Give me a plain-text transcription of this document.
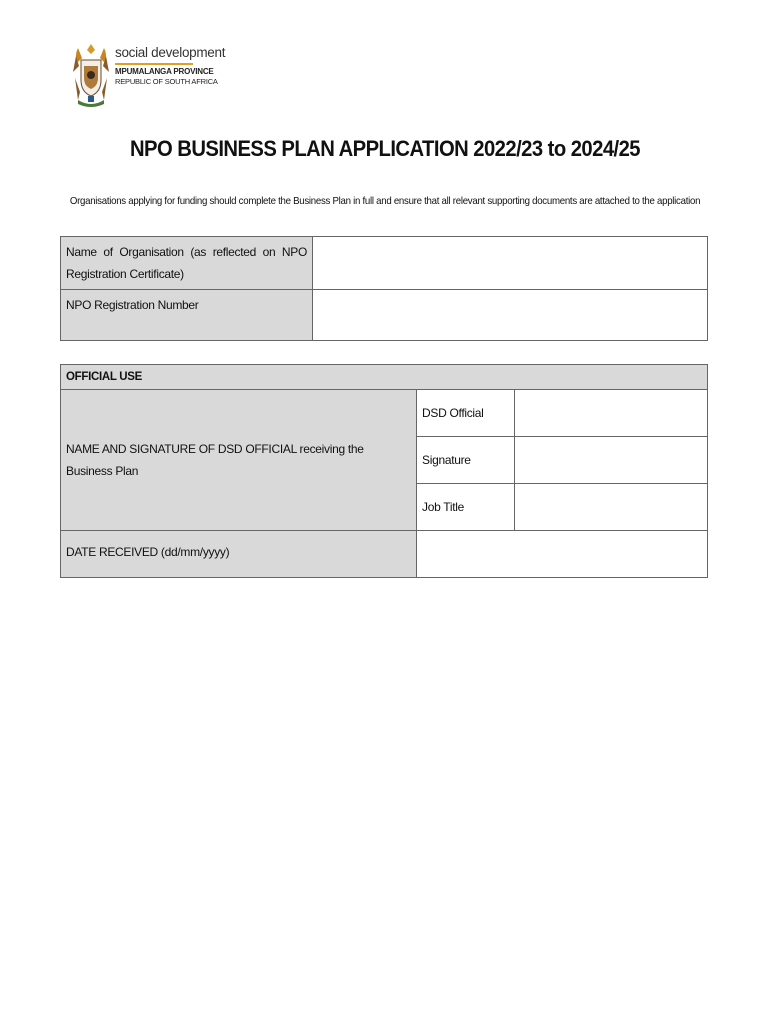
social development
MPUMALANGA PROVINCE
REPUBLIC OF SOUTH AFRICA
NPO BUSINESS PLAN APPLICATION 2022/23 to 2024/25
Organisations applying for funding should complete the Business Plan in full and ensure that all relevant supporting documents are attached to the application
Name of Organisation (as reflected on NPO Registration Certificate)	

NPO Registration Number	

OFFICIAL USE		

NAME AND SIGNATURE OF DSD OFFICIAL receiving the Business Plan	DSD Official	

	Signature	

	Job Title	

DATE RECEIVED (dd/mm/yyyy)		
